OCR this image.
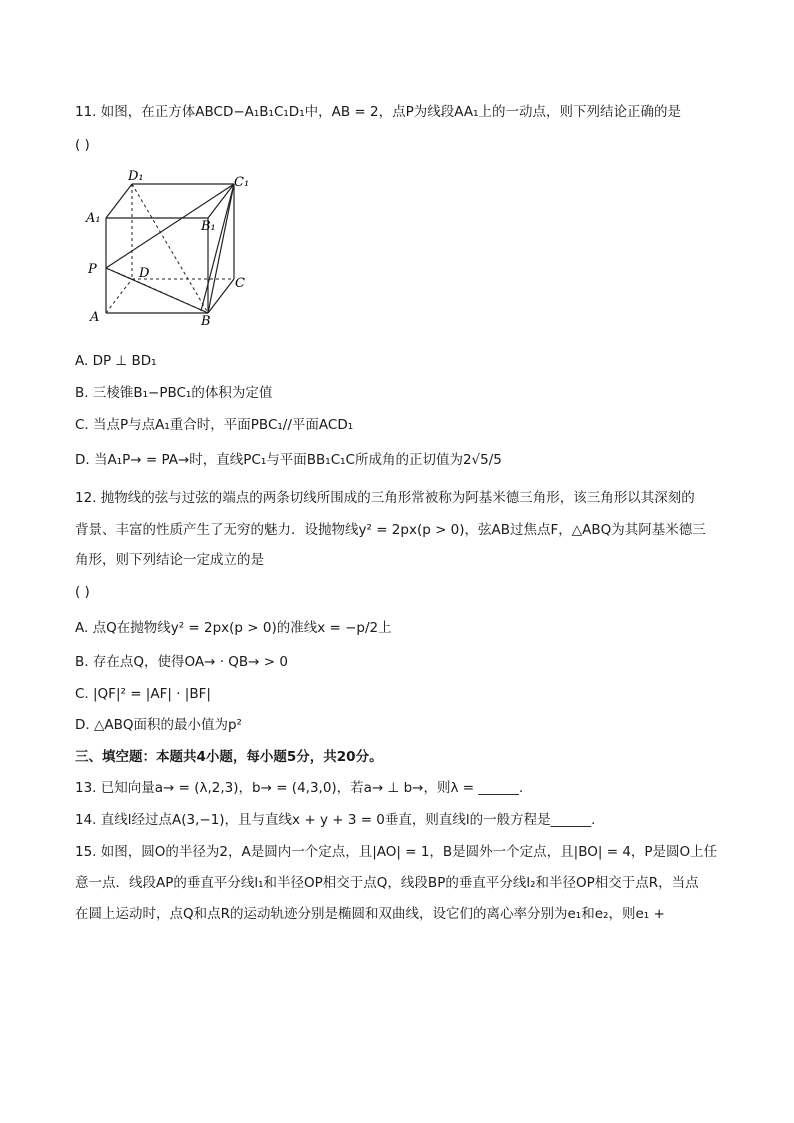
11. 如图，在正方体ABCD−A₁B₁C₁D₁中，AB = 2，点P为线段AA₁上的一动点，则下列结论正确的是
( )
D₁	C₁
A₁
B₁
P	D
C
A	B
A. DP ⊥ BD₁
B. 三棱锥B₁−PBC₁的体积为定值
C. 当点P与点A₁重合时，平面PBC₁//平面ACD₁
D. 当A₁P→ = PA→时，直线PC₁与平面BB₁C₁C所成角的正切值为2√5/5
12. 抛物线的弦与过弦的端点的两条切线所围成的三角形常被称为阿基米德三角形，该三角形以其深刻的
背景、丰富的性质产生了无穷的魅力．设抛物线y² = 2px(p > 0)，弦AB过焦点F，△ABQ为其阿基米德三
角形，则下列结论一定成立的是
( )
A. 点Q在抛物线y² = 2px(p > 0)的准线x = −p/2上
B. 存在点Q，使得OA→ · QB→ > 0
C. |QF|² = |AF| · |BF|
D. △ABQ面积的最小值为p²
三、填空题：本题共4小题，每小题5分，共20分。
13. 已知向量a→ = (λ,2,3)，b→ = (4,3,0)，若a→ ⊥ b→，则λ = ______.
14. 直线l经过点A(3,−1)，且与直线x + y + 3 = 0垂直，则直线l的一般方程是______.
15. 如图，圆O的半径为2，A是圆内一个定点，且|AO| = 1，B是圆外一个定点，且|BO| = 4，P是圆O上任
意一点．线段AP的垂直平分线l₁和半径OP相交于点Q，线段BP的垂直平分线l₂和半径OP相交于点R，当点
在圆上运动时，点Q和点R的运动轨迹分别是椭圆和双曲线，设它们的离心率分别为e₁和e₂，则e₁ +
